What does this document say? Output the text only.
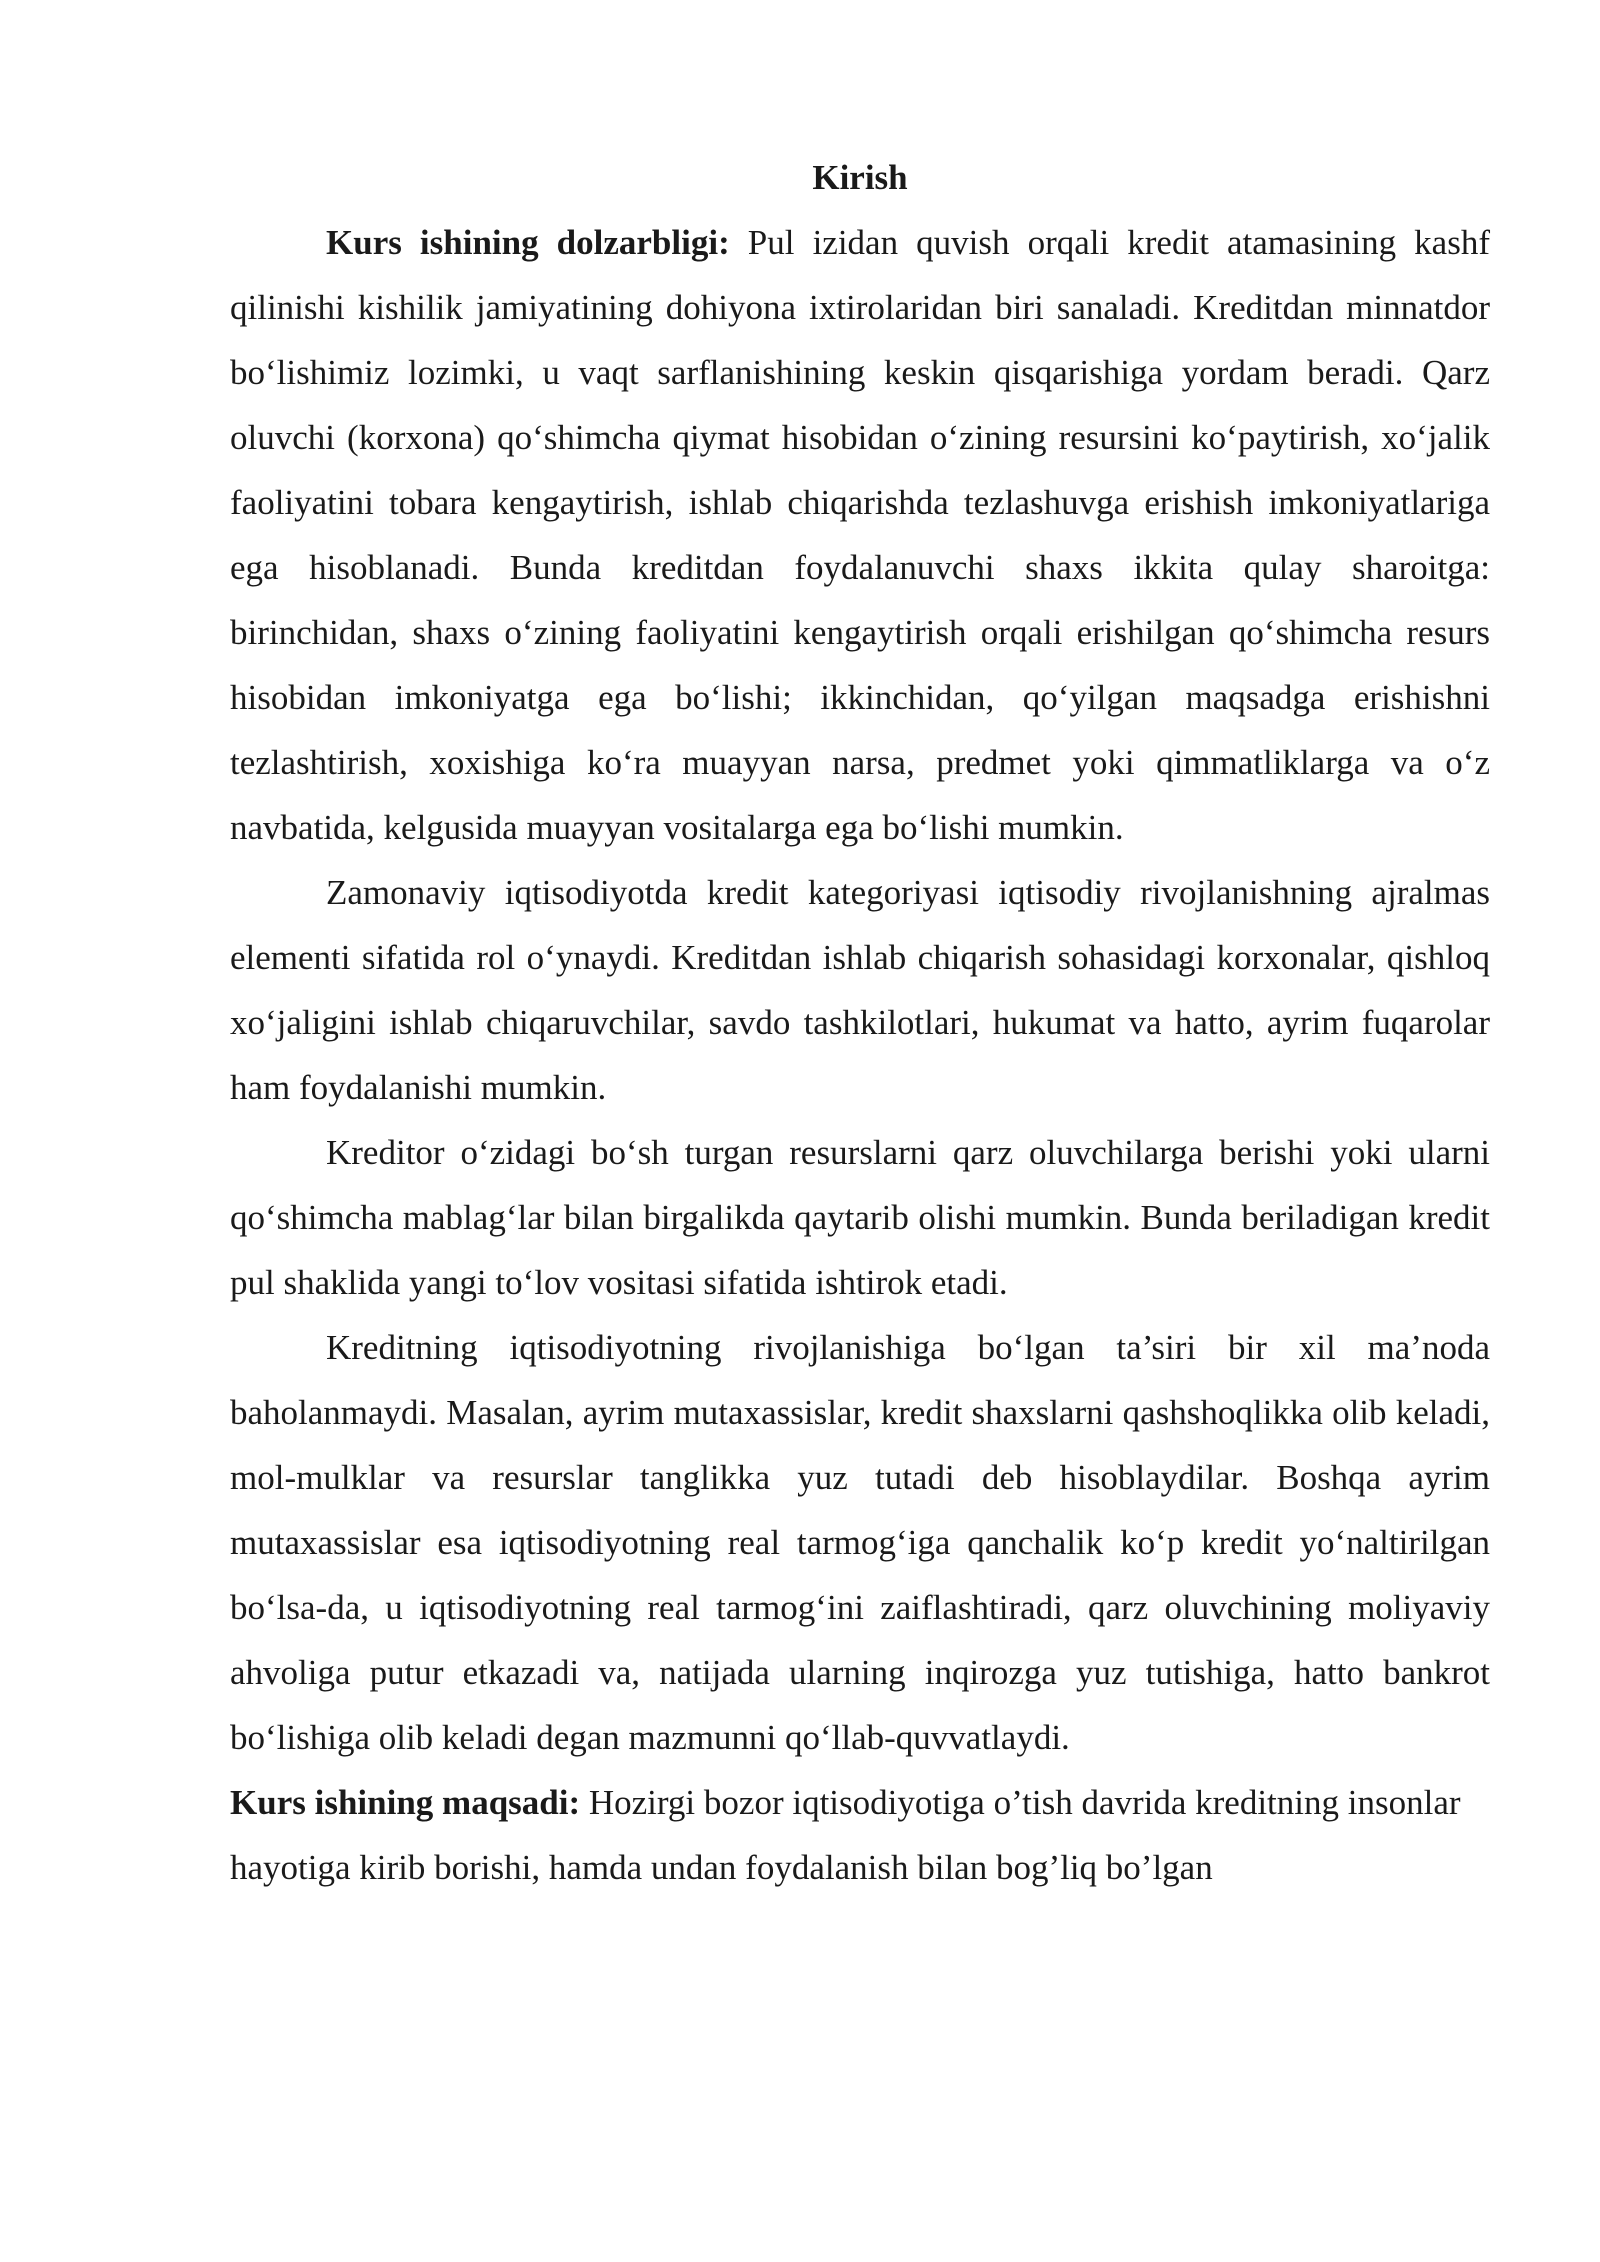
Kirish

Kurs ishining dolzarbligi: Pul izidan quvish orqali kredit atamasining kashf qilinishi kishilik jamiyatining dohiyona ixtirolaridan biri sanaladi. Kreditdan minnatdor bo‘lishimiz lozimki, u vaqt sarflanishining keskin qisqarishiga yordam beradi. Qarz oluvchi (korxona) qo‘shimcha qiymat hisobidan o‘zining resursini ko‘paytirish, xo‘jalik faoliyatini tobara kengaytirish, ishlab chiqarishda tezlashuvga erishish imkoniyatlariga ega hisoblanadi. Bunda kreditdan foydalanuvchi shaxs ikkita qulay sharoitga: birinchidan, shaxs o‘zining faoliyatini kengaytirish orqali erishilgan qo‘shimcha resurs hisobidan imkoniyatga ega bo‘lishi; ikkinchidan, qo‘yilgan maqsadga erishishni tezlashtirish, xoxishiga ko‘ra muayyan narsa, predmet yoki qimmatliklarga va o‘z navbatida, kelgusida muayyan vositalarga ega bo‘lishi mumkin.

Zamonaviy iqtisodiyotda kredit kategoriyasi iqtisodiy rivojlanishning ajralmas elementi sifatida rol o‘ynaydi. Kreditdan ishlab chiqarish sohasidagi korxonalar, qishloq xo‘jaligini ishlab chiqaruvchilar, savdo tashkilotlari, hukumat va hatto, ayrim fuqarolar ham foydalanishi mumkin.

Kreditor o‘zidagi bo‘sh turgan resurslarni qarz oluvchilarga berishi yoki ularni qo‘shimcha mablag‘lar bilan birgalikda qaytarib olishi mumkin. Bunda beriladigan kredit pul shaklida yangi to‘lov vositasi sifatida ishtirok etadi.

Kreditning iqtisodiyotning rivojlanishiga bo‘lgan ta’siri bir xil ma’noda baholanmaydi. Masalan, ayrim mutaxassislar, kredit shaxslarni qashshoqlikka olib keladi, mol-mulklar va resurslar tanglikka yuz tutadi deb hisoblaydilar. Boshqa ayrim mutaxassislar esa iqtisodiyotning real tarmog‘iga qanchalik ko‘p kredit yo‘naltirilgan bo‘lsa-da, u iqtisodiyotning real tarmog‘ini zaiflashtiradi, qarz oluvchining moliyaviy ahvoliga putur etkazadi va, natijada ularning inqirozga yuz tutishiga, hatto bankrot bo‘lishiga olib keladi degan mazmunni qo‘llab-quvvatlaydi.

Kurs ishining maqsadi: Hozirgi bozor iqtisodiyotiga o’tish davrida kreditning insonlar hayotiga kirib borishi, hamda undan foydalanish bilan bog’liq bo’lgan
